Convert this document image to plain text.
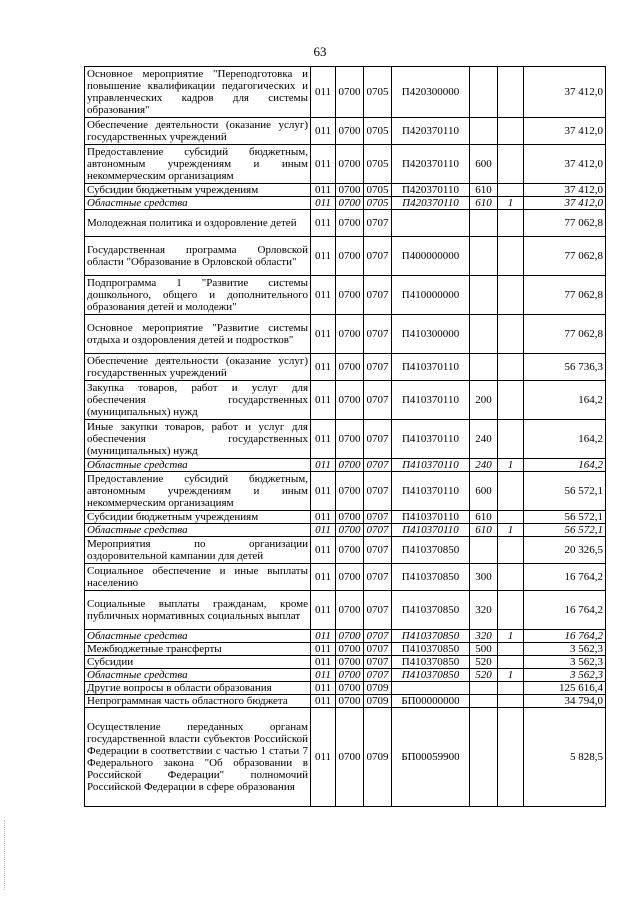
63
Основное мероприятие "Переподготовка и повышение квалификации педагогических и управленческих кадров для системы образования"	011	0700	0705	П420300000			37 412,0
Обеспечение деятельности (оказание услуг) государственных учреждений	011	0700	0705	П420370110			37 412,0
Предоставление субсидий бюджетным, автономным учреждениям и иным некоммерческим организациям	011	0700	0705	П420370110	600		37 412,0
Субсидии бюджетным учреждениям	011	0700	0705	П420370110	610		37 412,0
Областные средства	011	0700	0705	П420370110	610	1	37 412,0
Молодежная политика и оздоровление детей	011	0700	0707				77 062,8
Государственная программа Орловской области "Образование в Орловской области"	011	0700	0707	П400000000			77 062,8
Подпрограмма 1 "Развитие системы дошкольного, общего и дополнительного образования детей и молодежи"	011	0700	0707	П410000000			77 062,8
Основное мероприятие "Развитие системы отдыха и оздоровления детей и подростков"	011	0700	0707	П410300000			77 062,8
Обеспечение деятельности (оказание услуг) государственных учреждений	011	0700	0707	П410370110			56 736,3
Закупка товаров, работ и услуг для обеспечения государственных (муниципальных) нужд	011	0700	0707	П410370110	200		164,2
Иные закупки товаров, работ и услуг для обеспечения государственных (муниципальных) нужд	011	0700	0707	П410370110	240		164,2
Областные средства	011	0700	0707	П410370110	240	1	164,2
Предоставление субсидий бюджетным, автономным учреждениям и иным некоммерческим организациям	011	0700	0707	П410370110	600		56 572,1
Субсидии бюджетным учреждениям	011	0700	0707	П410370110	610		56 572,1
Областные средства	011	0700	0707	П410370110	610	1	56 572,1
Мероприятия по организации оздоровительной кампании для детей	011	0700	0707	П410370850			20 326,5
Социальное обеспечение и иные выплаты населению	011	0700	0707	П410370850	300		16 764,2
Социальные выплаты гражданам, кроме публичных нормативных социальных выплат	011	0700	0707	П410370850	320		16 764,2
Областные средства	011	0700	0707	П410370850	320	1	16 764,2
Межбюджетные трансферты	011	0700	0707	П410370850	500		3 562,3
Субсидии	011	0700	0707	П410370850	520		3 562,3
Областные средства	011	0700	0707	П410370850	520	1	3 562,3
Другие вопросы в области образования	011	0700	0709				125 616,4
Непрограммная часть областного бюджета	011	0700	0709	БП00000000			34 794,0
Осуществление переданных органам государственной власти субъектов Российской Федерации в соответствии с частью 1 статьи 7 Федерального закона "Об образовании в Российской Федерации" полномочий Российской Федерации в сфере образования	011	0700	0709	БП00059900			5 828,5
